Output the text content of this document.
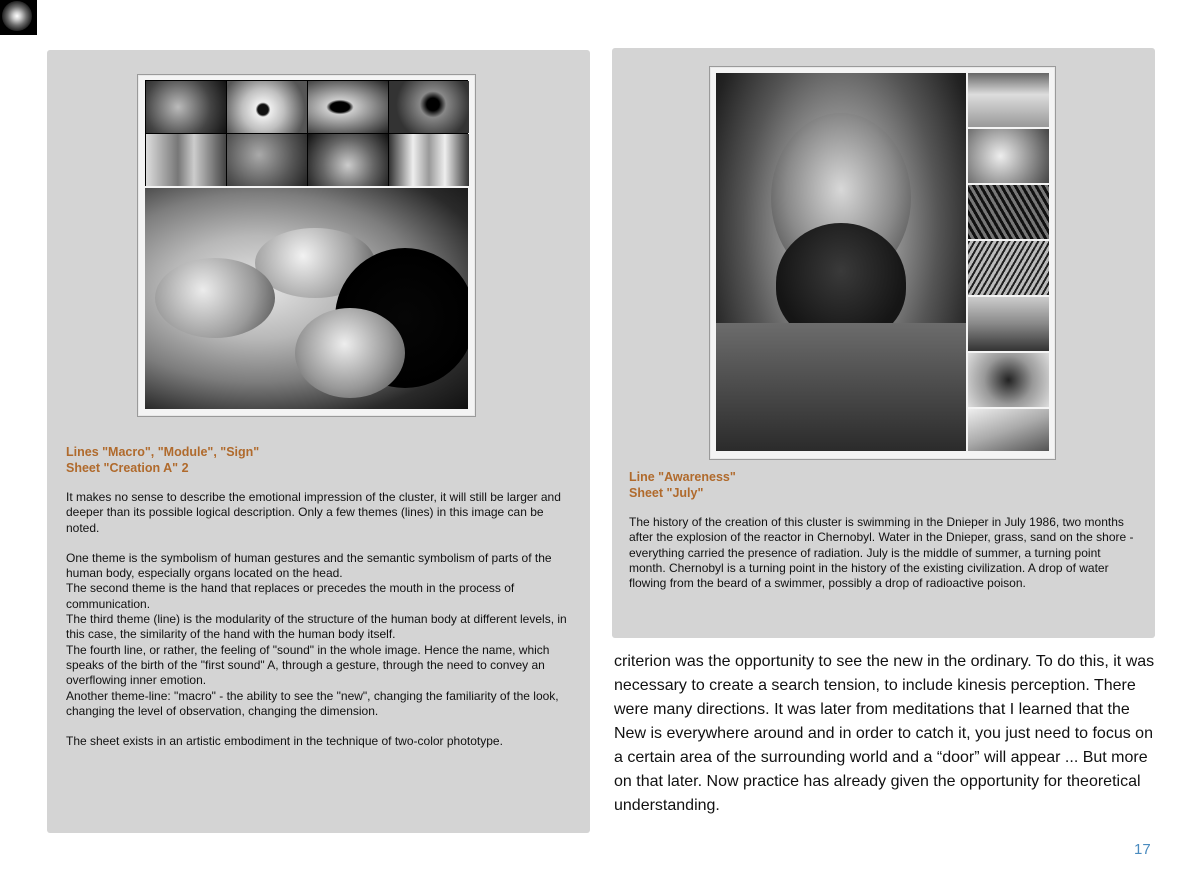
Lines "Macro", "Module", "Sign"
Sheet "Creation A" 2

It makes no sense to describe the emotional impression of the cluster, it will still be larger and deeper than its possible logical description. Only a few themes (lines) in this image can be noted.

One theme is the symbolism of human gestures and the semantic symbolism of parts of the human body, especially organs located on the head.

The second theme is the hand that replaces or precedes the mouth in the process of communication.

The third theme (line) is the modularity of the structure of the human body at different levels, in this case, the similarity of the hand with the human body itself.

The fourth line, or rather, the feeling of "sound" in the whole image. Hence the name, which speaks of the birth of the "first sound" A, through a gesture, through the need to convey an overflowing inner emotion.

Another theme-line: "macro" - the ability to see the "new", changing the familiarity of the look, changing the level of observation, changing the dimension.

The sheet exists in an artistic embodiment in the technique of two-color phototype.

Line "Awareness"
Sheet "July"

The history of the creation of this cluster is swimming in the Dnieper in July 1986, two months after the explosion of the reactor in Chernobyl. Water in the Dnieper, grass, sand on the shore - everything carried the presence of radiation. July is the middle of summer, a turning point month. Chernobyl is a turning point in the history of the existing civilization. A drop of water flowing from the beard of a swimmer, possibly a drop of radioactive poison.

criterion was the opportunity to see the new in the ordinary. To do this, it was necessary to create a search tension, to include kinesis perception. There were many directions. It was later from meditations that I learned that the New is everywhere around and in order to catch it, you just need to focus on a certain area of the surrounding world and a “door” will appear ... But more on that later. Now practice has already given the opportunity for theoretical understanding.
17
